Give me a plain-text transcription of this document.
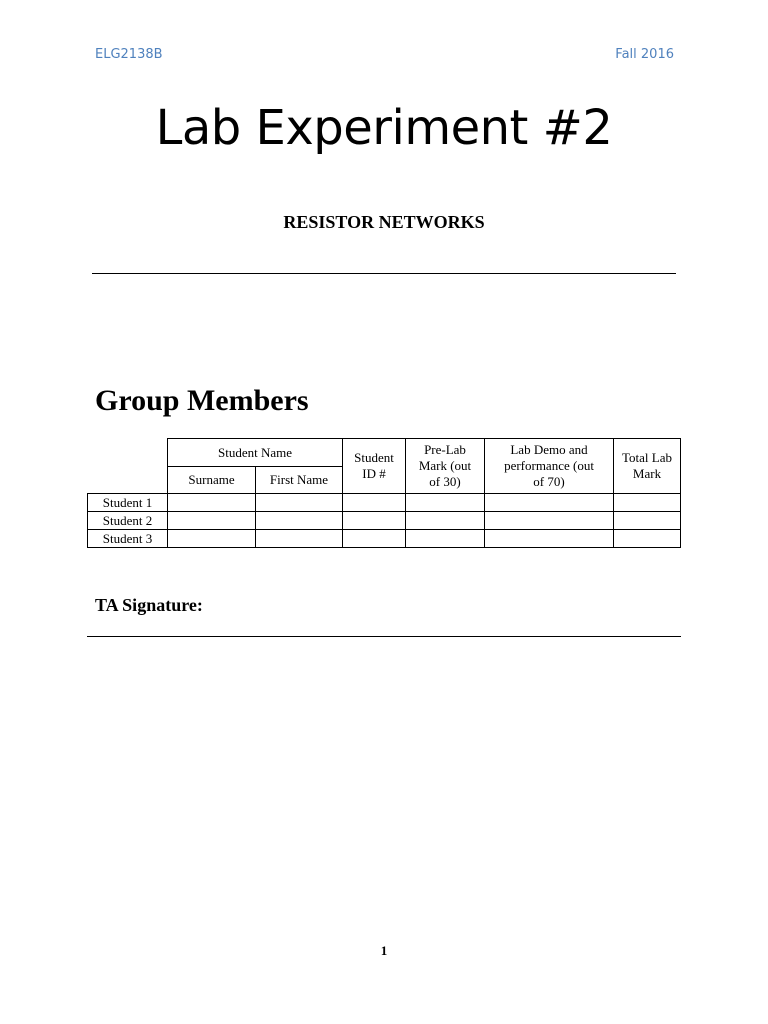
ELG2138B	Fall 2016
Lab Experiment #2
RESISTOR NETWORKS
Group Members
	Student Name		Student ID #	Pre-Lab Mark (out of 30)	Lab Demo and performance (out of 70)	Total Lab Mark

	Surname	First Name				
Student 1						
Student 2						
Student 3						
TA Signature:
1
